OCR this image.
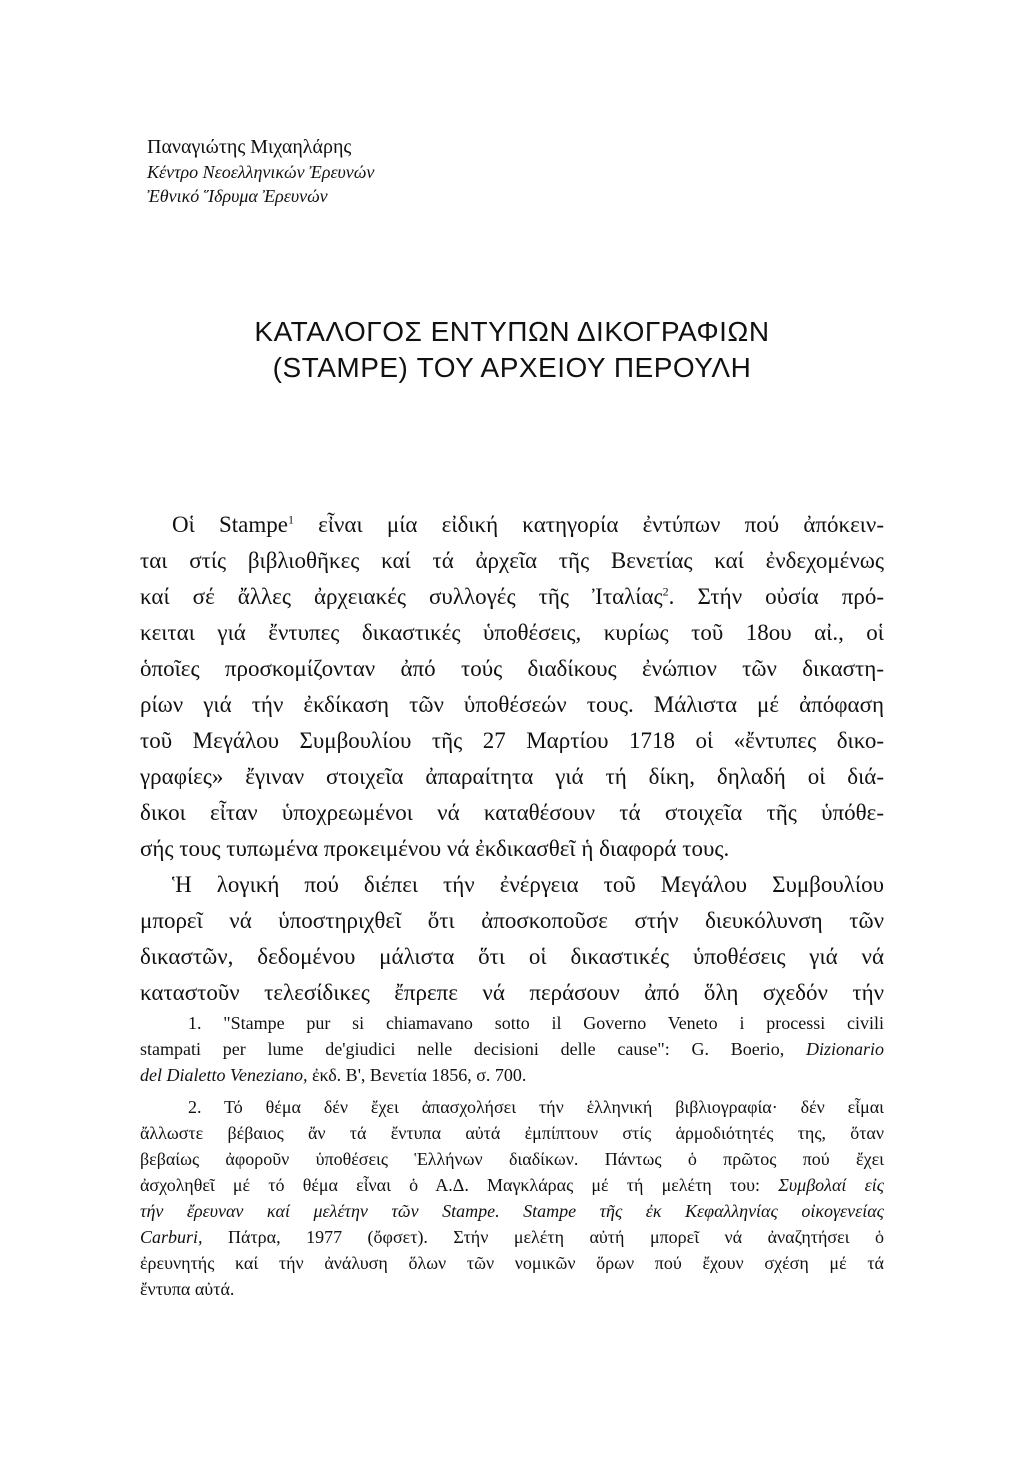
Παναγιώτης Μιχαηλάρης
Κέντρο Νεοελληνικών Ἐρευνών
Ἐθνικό Ἵδρυμα Ἐρευνών
ΚΑΤΑΛΟΓΟΣ ΕΝΤΥΠΩΝ ΔΙΚΟΓΡΑΦΙΩΝ
(STAMPE) ΤΟΥ ΑΡΧΕΙΟΥ ΠΕΡΟΥΛΗ
Οἱ Stampe$^1$ εἶναι μία εἰδική κατηγορία ἐντύπων πού ἀπόκειν-
ται στίς βιβλιοθῆκες καί τά ἀρχεῖα τῆς Βενετίας καί ἐνδεχομένως
καί σέ ἄλλες ἀρχειακές συλλογές τῆς Ἰταλίας$^2$. Στήν οὐσία πρό-
κειται γιά ἔντυπες δικαστικές ὑποθέσεις, κυρίως τοῦ 18ου αἰ., οἱ
ὁποῖες προσκομίζονταν ἀπό τούς διαδίκους ἐνώπιον τῶν δικαστη-
ρίων γιά τήν ἐκδίκαση τῶν ὑποθέσεών τους. Μάλιστα μέ ἀπόφαση
τοῦ Μεγάλου Συμβουλίου τῆς 27 Μαρτίου 1718 οἱ «ἔντυπες δικο-
γραφίες» ἔγιναν στοιχεῖα ἀπαραίτητα γιά τή δίκη, δηλαδή οἱ διά-
δικοι εἶταν ὑποχρεωμένοι νά καταθέσουν τά στοιχεῖα τῆς ὑπόθε-
σής τους τυπωμένα προκειμένου νά ἐκδικασθεῖ ἡ διαφορά τους.
Ἡ λογική πού διέπει τήν ἐνέργεια τοῦ Μεγάλου Συμβουλίου
μπορεῖ νά ὑποστηριχθεῖ ὅτι ἀποσκοποῦσε στήν διευκόλυνση τῶν
δικαστῶν, δεδομένου μάλιστα ὅτι οἱ δικαστικές ὑποθέσεις γιά νά
καταστοῦν τελεσίδικες ἔπρεπε νά περάσουν ἀπό ὅλη σχεδόν τήν
1. "Stampe pur si chiamavano sotto il Governo Veneto i processi civili
stampati per lume de'giudici nelle decisioni delle cause": G. Boerio, Dizionario
del Dialetto Veneziano, ἐκδ. Β', Βενετία 1856, σ. 700.
2. Τό θέμα δέν ἔχει ἀπασχολήσει τήν ἑλληνική βιβλιογραφία· δέν εἶμαι
ἄλλωστε βέβαιος ἄν τά ἔντυπα αὐτά ἐμπίπτουν στίς ἁρμοδιότητές της, ὅταν
βεβαίως ἀφοροῦν ὑποθέσεις Ἑλλήνων διαδίκων. Πάντως ὁ πρῶτος πού ἔχει
ἀσχοληθεῖ μέ τό θέμα εἶναι ὁ Α.Δ. Μαγκλάρας μέ τή μελέτη του: Συμβολαί εἰς
τήν ἔρευναν καί μελέτην τῶν Stampe. Stampe τῆς ἐκ Κεφαλληνίας οἰκογενείας
Carburi, Πάτρα, 1977 (ὄφσετ). Στήν μελέτη αὐτή μπορεῖ νά ἀναζητήσει ὁ
ἐρευνητής καί τήν ἀνάλυση ὅλων τῶν νομικῶν ὅρων πού ἔχουν σχέση μέ τά
ἔντυπα αὐτά.
